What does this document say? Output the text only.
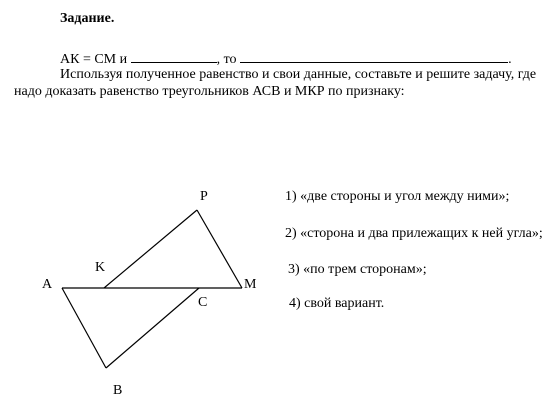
Задание.
АК = СМ и	, то	.
Используя полученное равенство и свои данные, составьте и решите задачу, где
надо доказать равенство треугольников АСВ и МКР по признаку:
P
K
A	M
C
B
1) «две стороны и угол между ними»;
2) «сторона и два прилежащих к ней угла»;
3) «по трем сторонам»;
4) свой вариант.
